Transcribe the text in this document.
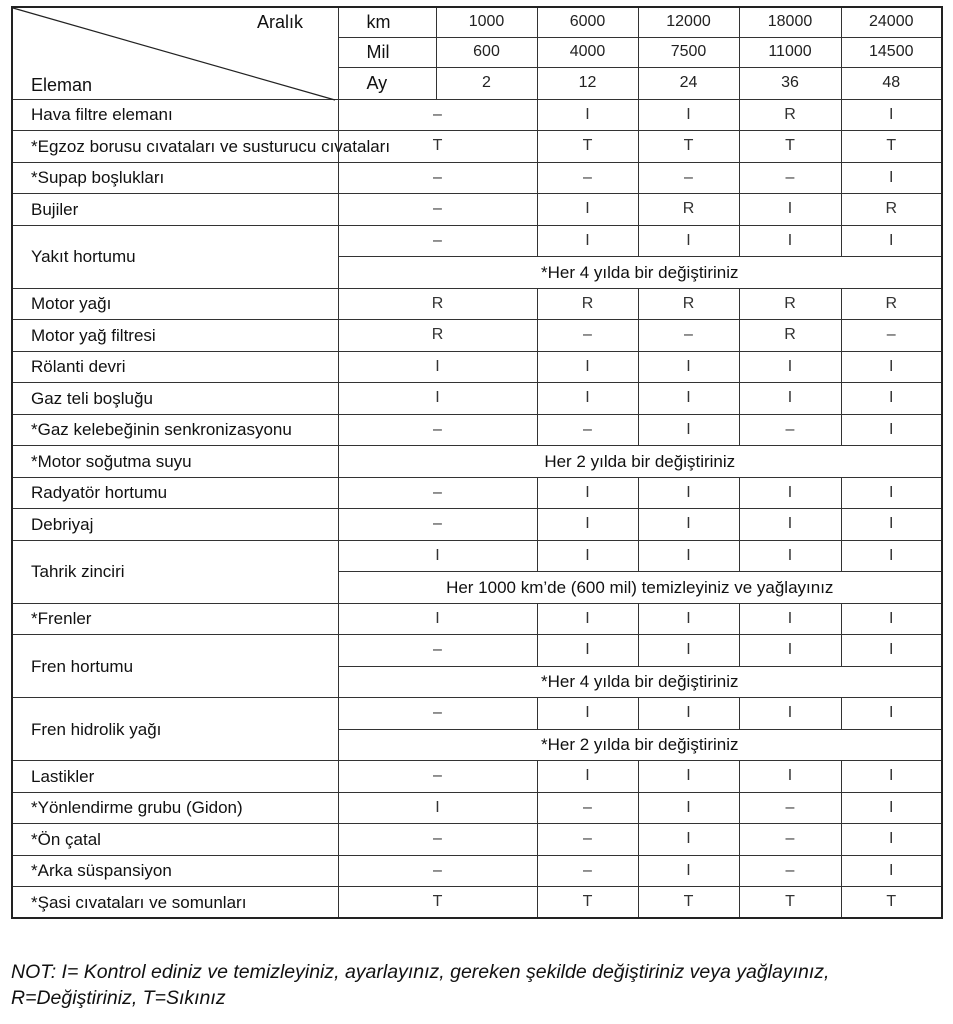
Aralık
Eleman	km	1000	6000	12000	18000	24000
	Mil	600	4000	7500	11000	14500
	Ay	2	12	24	36	48
Hava filtre elemanı	–		I	I	R	I
*Egzoz borusu cıvataları ve susturucu cıvataları	T		T	T	T	T
*Supap boşlukları	–		–	–	–	I
Bujiler	–		I	R	I	R
Yakıt hortumu	–		I	I	I	I
	*Her 4 yılda bir değiştiriniz					
Motor yağı	R		R	R	R	R
Motor yağ filtresi	R		–	–	R	–
Rölanti devri	I		I	I	I	I
Gaz teli boşluğu	I		I	I	I	I
*Gaz kelebeğinin senkronizasyonu	–		–	I	–	I
*Motor soğutma suyu	Her 2 yılda bir değiştiriniz					
Radyatör hortumu	–		I	I	I	I
Debriyaj	–		I	I	I	I
Tahrik zinciri	I		I	I	I	I
	Her 1000 km’de (600 mil) temizleyiniz ve yağlayınız					
*Frenler	I		I	I	I	I
Fren hortumu	–		I	I	I	I
	*Her 4 yılda bir değiştiriniz					
Fren hidrolik yağı	–		I	I	I	I
	*Her 2 yılda bir değiştiriniz					
Lastikler	–		I	I	I	I
*Yönlendirme grubu (Gidon)	I		–	I	–	I
*Ön çatal	–		–	I	–	I
*Arka süspansiyon	–		–	I	–	I
*Şasi cıvataları ve somunları	T		T	T	T	T
NOT: I= Kontrol ediniz ve temizleyiniz, ayarlayınız, gereken şekilde değiştiriniz veya yağlayınız, R=Değiştiriniz, T=Sıkınız
